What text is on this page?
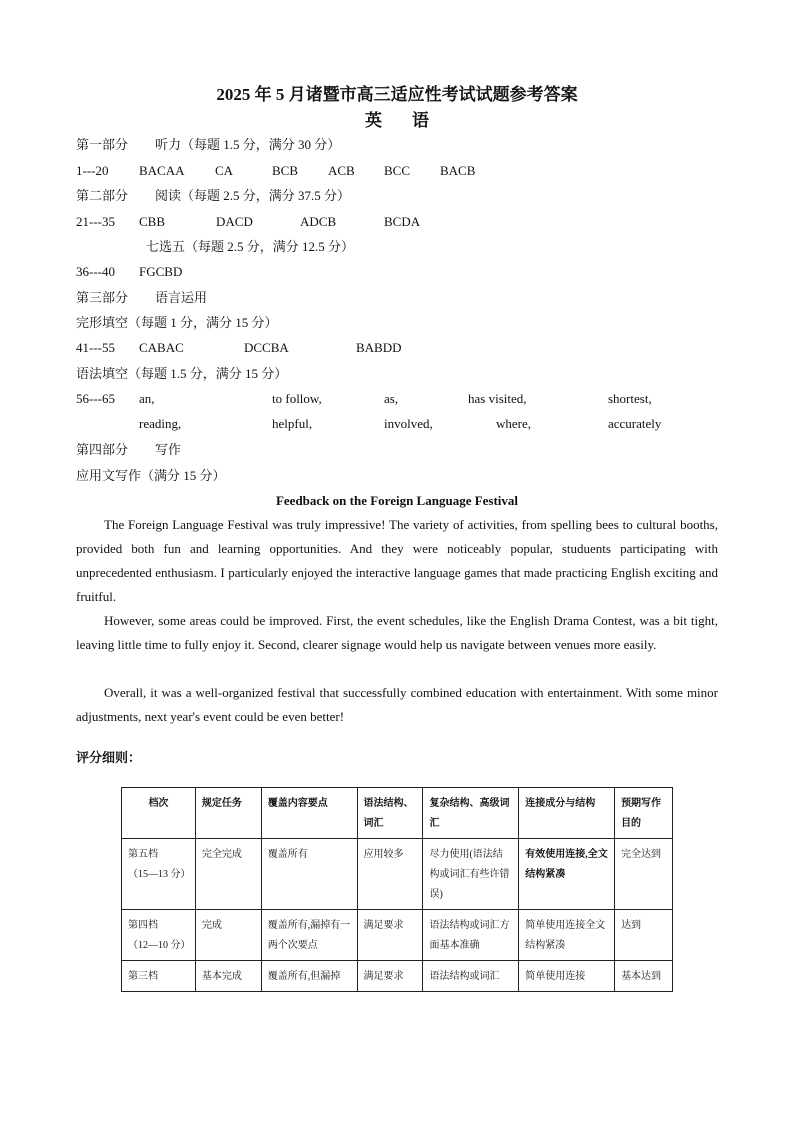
2025 年 5 月诸暨市高三适应性考试试题参考答案
英语
第一部分 听力（每题 1.5 分，满分 30 分）
1---20 BACAA CA	BCB ACB BCC BACB
第二部分 阅读（每题 2.5 分，满分 37.5 分）
21---35 CBB	DACD	ADCB	BCDA
七选五（每题 2.5 分，满分 12.5 分）
36---40 FGCBD
第三部分 语言运用
完形填空（每题 1 分，满分 15 分）
41---55 CABAC	DCCBA	BABDD
语法填空（每题 1.5 分，满分 15 分）
56---65 an,	to follow,	as,	has visited,	shortest,
reading,	helpful,	involved,	where,	accurately
第四部分 写作
应用文写作（满分 15 分）
Feedback on the Foreign Language Festival
The Foreign Language Festival was truly impressive! The variety of activities, from spelling bees to cultural booths, provided both fun and learning opportunities. And they were noticeably popular, studuents participating with unprecedented enthusiasm. I particularly enjoyed the interactive language games that made practicing English exciting and fruitful.
However, some areas could be improved. First, the event schedules, like the English Drama Contest, was a bit tight, leaving little time to fully enjoy it. Second, clearer signage would help us navigate between venues more easily.
Overall, it was a well-organized festival that successfully combined education with entertainment. With some minor adjustments, next year's event could be even better!
评分细则：
档次	规定任务	覆盖内容要点	语法结构、词汇	复杂结构、高级词汇	连接成分与结构	预期写作目的

第五档
（15—13 分）	完全完成	覆盖所有	应用较多	尽力使用(语法结构或词汇有些许错误)	有效使用连接,全文结构紧凑	完全达到

第四档
（12—10 分）	完成	覆盖所有,漏掉有一两个次要点	满足要求	语法结构或词汇方面基本准确	简单使用连接全文结构紧凑	达到

第三档	基本完成	覆盖所有,但漏掉	满足要求	语法结构或词汇	简单使用连接	基本达到
